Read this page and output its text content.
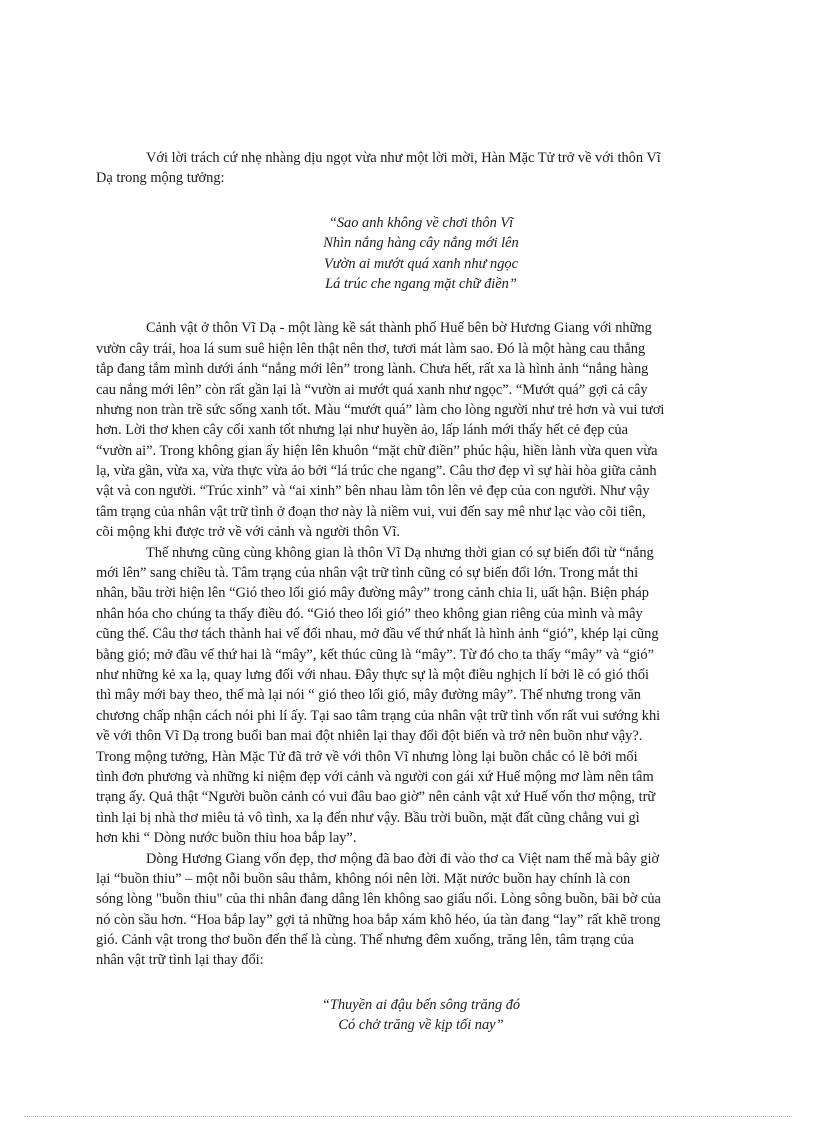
Với lời trách cứ nhẹ nhàng dịu ngọt vừa như một lời mời, Hàn Mặc Tử trở về với thôn Vĩ
Dạ trong mộng tưởng:
“Sao anh không về chơi thôn Vĩ
Nhìn nắng hàng cây nắng mới lên
Vườn ai mướt quá xanh như ngọc
Lá trúc che ngang mặt chữ điền”
Cảnh vật ở thôn Vĩ Dạ - một làng kề sát thành phố Huế bên bờ Hương Giang với những
vườn cây trái, hoa lá sum suê hiện lên thật nên thơ, tươi mát làm sao. Đó là một hàng cau thẳng
tắp đang tắm mình dưới ánh “nắng mới lên” trong lành. Chưa hết, rất xa là hình ảnh “nắng hàng
cau nắng mới lên” còn rất gần lại là “vườn ai mướt quá xanh như ngọc”. “Mướt quá” gợi cả cây
nhưng non tràn trề sức sống xanh tốt. Màu “mướt quá” làm cho lòng người như trẻ hơn và vui tươi
hơn. Lời thơ khen cây cối xanh tốt nhưng lại như huyền ảo, lấp lánh mới thấy hết cẻ đẹp của
“vườn ai”. Trong không gian ấy hiện lên khuôn “mặt chữ điền” phúc hậu, hiền lành vừa quen vừa
lạ, vừa gần, vừa xa, vừa thực vừa ảo bởi “lá trúc che ngang”. Câu thơ đẹp vì sự hài hòa giữa cảnh
vật và con người. “Trúc xinh” và “ai xinh” bên nhau làm tôn lên vẻ đẹp của con người. Như vậy
tâm trạng của nhân vật trữ tình ở đoạn thơ này là niềm vui, vui đến say mê như lạc vào cõi tiên,
cõi mộng khi được trở về với cảnh và người thôn Vĩ.
Thế nhưng cũng cùng không gian là thôn Vĩ Dạ nhưng thời gian có sự biến đổi từ “nắng
mới lên” sang chiều tà. Tâm trạng của nhân vật trữ tình cũng có sự biến đổi lớn. Trong mắt thi
nhân, bầu trời hiện lên “Gió theo lối gió mây đường mây” trong cảnh chia li, uất hận. Biện pháp
nhân hóa cho chúng ta thấy điều đó. “Gió theo lối gió” theo không gian riêng của mình và mây
cũng thế. Câu thơ tách thành hai vế đối nhau, mở đầu vế thứ nhất là hình ảnh “gió”, khép lại cũng
bằng gió; mở đầu vế thứ hai là “mây”, kết thúc cũng là “mây”. Từ đó cho ta thấy “mây” và “gió”
như những kẻ xa lạ, quay lưng đối với nhau. Đây thực sự là một điều nghịch lí bởi lẽ có gió thổi
thì mây mới bay theo, thế mà lại nói “ gió theo lối gió, mây đường mây”. Thế nhưng trong văn
chương chấp nhận cách nói phi lí ấy. Tại sao tâm trạng của nhân vật trữ tình vốn rất vui sướng khi
về với thôn Vĩ Dạ trong buổi ban mai đột nhiên lại thay đổi đột biến và trở nên buồn như vậy?.
Trong mộng tưởng, Hàn Mặc Tử đã trở về với thôn Vĩ nhưng lòng lại buồn chắc có lẽ bởi mối
tình đơn phương và những kỉ niệm đẹp với cảnh và người con gái xứ Huế mộng mơ làm nên tâm
trạng ấy. Quả thật “Người buồn cảnh có vui đâu bao giờ” nên cảnh vật xứ Huế vốn thơ mộng, trữ
tình lại bị nhà thơ miêu tả vô tình, xa lạ đến như vậy. Bầu trời buồn, mặt đất cũng chẳng vui gì
hơn khi “ Dòng nước buồn thiu hoa bắp lay”.
Dòng Hương Giang vốn đẹp, thơ mộng đã bao đời đi vào thơ ca Việt nam thế mà bây giờ
lại “buồn thiu” – một nỗi buồn sâu thẳm, không nói nên lời. Mặt nước buồn hay chính là con
sóng lòng "buồn thiu" của thi nhân đang dâng lên không sao giấu nổi. Lòng sông buồn, bãi bờ của
nó còn sầu hơn. “Hoa bắp lay” gợi tả những hoa bắp xám khô héo, úa tàn đang “lay” rất khẽ trong
gió. Cảnh vật trong thơ buồn đến thế là cùng. Thế nhưng đêm xuống, trăng lên, tâm trạng của
nhân vật trữ tình lại thay đổi:
“Thuyền ai đậu bến sông trăng đó
Có chở trăng về kịp tối nay”
